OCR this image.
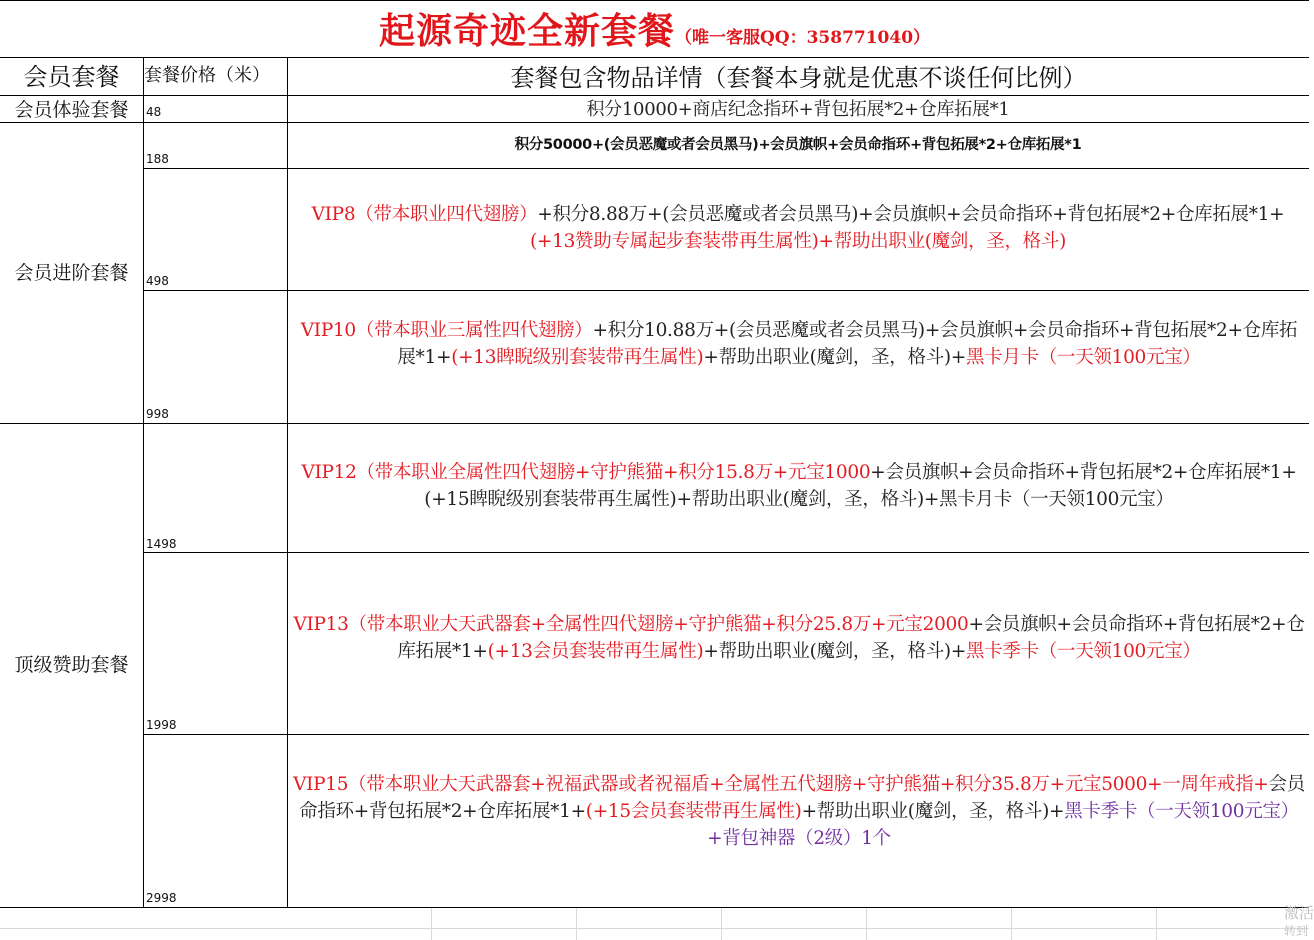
起源奇迹全新套餐（唯一客服QQ：358771040）
会员套餐	套餐价格（米）	套餐包含物品详情（套餐本身就是优惠不谈任何比例）
会员体验套餐
会员进阶套餐
顶级赞助套餐
48
188
498
998
1498
1998
2998
积分10000+商店纪念指环+背包拓展*2+仓库拓展*1
积分50000+(会员恶魔或者会员黑马)+会员旗帜+会员命指环+背包拓展*2+仓库拓展*1
VIP8（带本职业四代翅膀）+积分8.88万+(会员恶魔或者会员黑马)+会员旗帜+会员命指环+背包拓展*2+仓库拓展*1+(+13赞助专属起步套装带再生属性)+帮助出职业(魔剑，圣，格斗)
VIP10（带本职业三属性四代翅膀）+积分10.88万+(会员恶魔或者会员黑马)+会员旗帜+会员命指环+背包拓展*2+仓库拓展*1+(+13睥睨级别套装带再生属性)+帮助出职业(魔剑，圣，格斗)+黑卡月卡（一天领100元宝）
VIP12（带本职业全属性四代翅膀+守护熊猫+积分15.8万+元宝1000+会员旗帜+会员命指环+背包拓展*2+仓库拓展*1+(+15睥睨级别套装带再生属性)+帮助出职业(魔剑，圣，格斗)+黑卡月卡（一天领100元宝）
VIP13（带本职业大天武器套+全属性四代翅膀+守护熊猫+积分25.8万+元宝2000+会员旗帜+会员命指环+背包拓展*2+仓库拓展*1+(+13会员套装带再生属性)+帮助出职业(魔剑，圣，格斗)+黑卡季卡（一天领100元宝）
VIP15（带本职业大天武器套+祝福武器或者祝福盾+全属性五代翅膀+守护熊猫+积分35.8万+元宝5000+一周年戒指+会员命指环+背包拓展*2+仓库拓展*1+(+15会员套装带再生属性)+帮助出职业(魔剑，圣，格斗)+黑卡季卡（一天领100元宝）+背包神器（2级）1个
激活
转到
